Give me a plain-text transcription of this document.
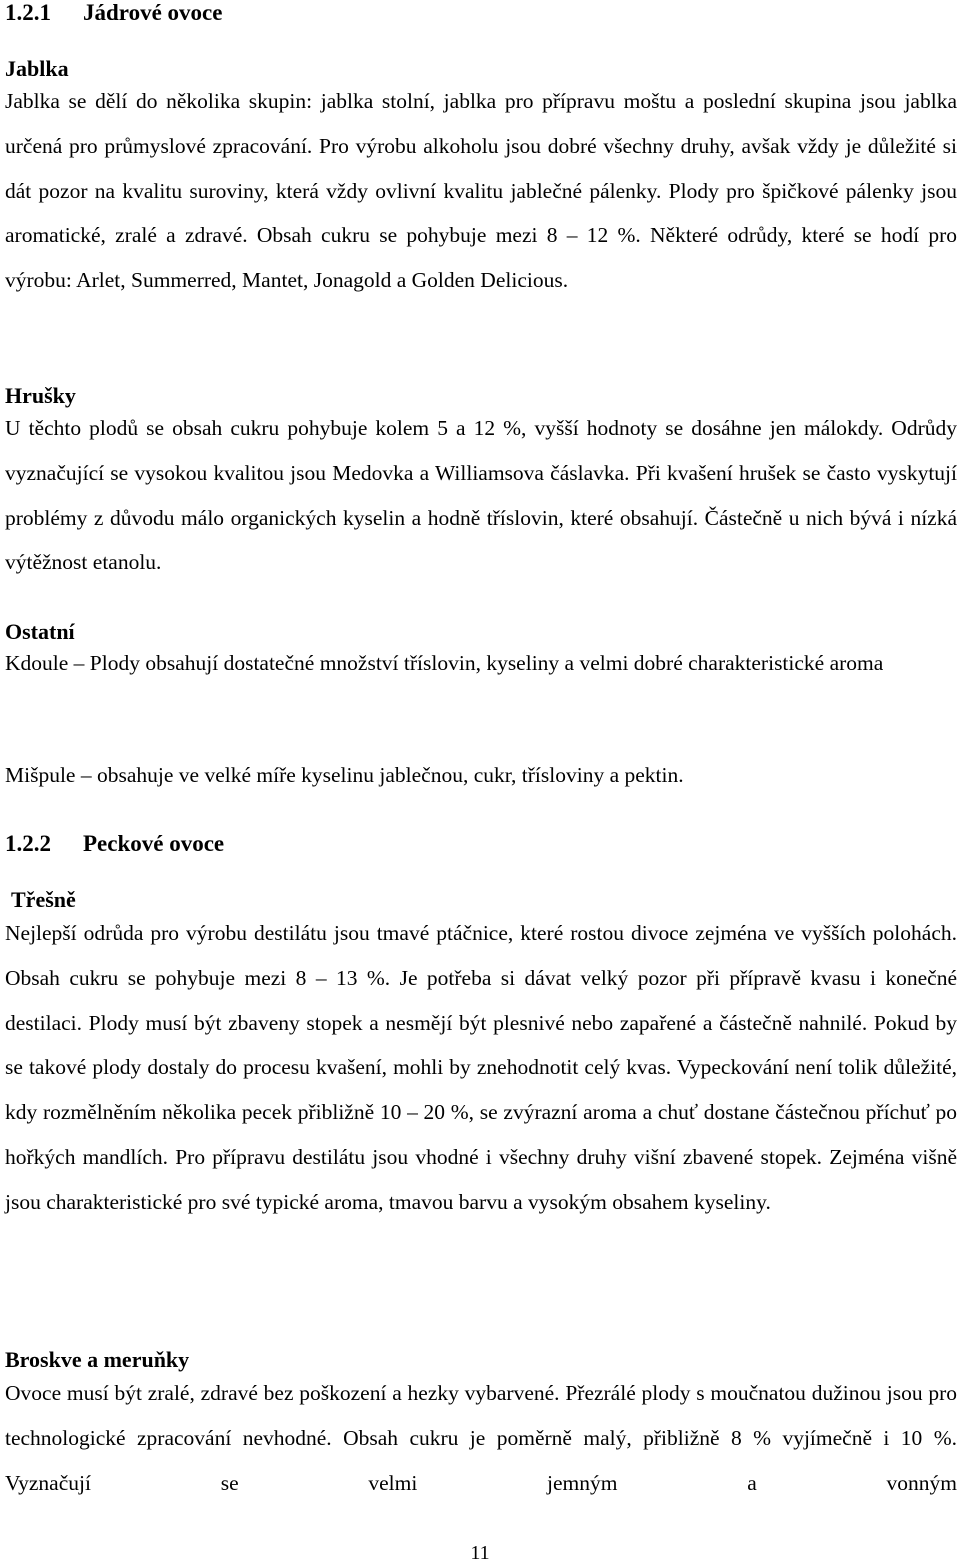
1.2.1 Jádrové ovoce
Jablka

Jablka se dělí do několika skupin: jablka stolní, jablka pro přípravu moštu a poslední skupina jsou jablka určená pro průmyslové zpracování. Pro výrobu alkoholu jsou dobré všechny druhy, avšak vždy je důležité si dát pozor na kvalitu suroviny, která vždy ovlivní kvalitu jablečné pálenky. Plody pro špičkové pálenky jsou aromatické, zralé a zdravé. Obsah cukru se pohybuje mezi 8 – 12 %. Některé odrůdy, které se hodí pro výrobu: Arlet, Summerred, Mantet, Jonagold a Golden Delicious.

Hrušky

U těchto plodů se obsah cukru pohybuje kolem 5 a 12 %, vyšší hodnoty se dosáhne jen málokdy. Odrůdy vyznačující se vysokou kvalitou jsou Medovka a Williamsova čáslavka. Při kvašení hrušek se často vyskytují problémy z důvodu málo organických kyselin a hodně tříslovin, které obsahují. Částečně u nich bývá i nízká výtěžnost etanolu.

Ostatní

Kdoule – Plody obsahují dostatečné množství tříslovin, kyseliny a velmi dobré charakteristické aroma

Mišpule – obsahuje ve velké míře kyselinu jablečnou, cukr, třísloviny a pektin.

1.2.2 Peckové ovoce
Třešně

Nejlepší odrůda pro výrobu destilátu jsou tmavé ptáčnice, které rostou divoce zejména ve vyšších polohách. Obsah cukru se pohybuje mezi 8 – 13 %. Je potřeba si dávat velký pozor při přípravě kvasu i konečné destilaci. Plody musí být zbaveny stopek a nesmějí být plesnivé nebo zapařené a částečně nahnilé. Pokud by se takové plody dostaly do procesu kvašení, mohli by znehodnotit celý kvas. Vypeckování není tolik důležité, kdy rozmělněním několika pecek přibližně 10 – 20 %, se zvýrazní aroma a chuť dostane částečnou příchuť po hořkých mandlích. Pro přípravu destilátu jsou vhodné i všechny druhy višní zbavené stopek. Zejména višně jsou charakteristické pro své typické aroma, tmavou barvu a vysokým obsahem kyseliny.

Broskve a meruňky

Ovoce musí být zralé, zdravé bez poškození a hezky vybarvené. Přezrálé plody s moučnatou dužinou jsou pro technologické zpracování nevhodné. Obsah cukru je poměrně malý, přibližně 8 % vyjímečně i 10 %. Vyznačují se velmi jemným a vonným

11
